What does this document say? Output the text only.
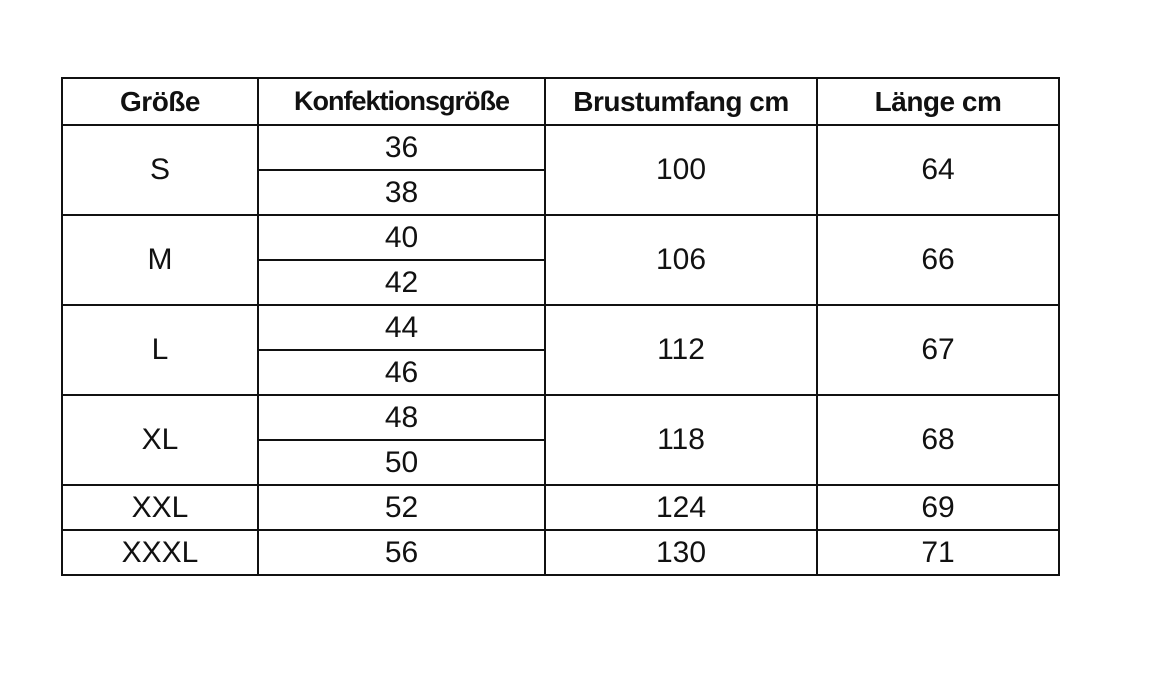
Größe	Konfektionsgröße	Brustumfang cm	Länge cm
S	36	100	64
	38		
M	40	106	66
	42		
L	44	112	67
	46		
XL	48	118	68
	50		
XXL	52	124	69
XXXL	56	130	71
